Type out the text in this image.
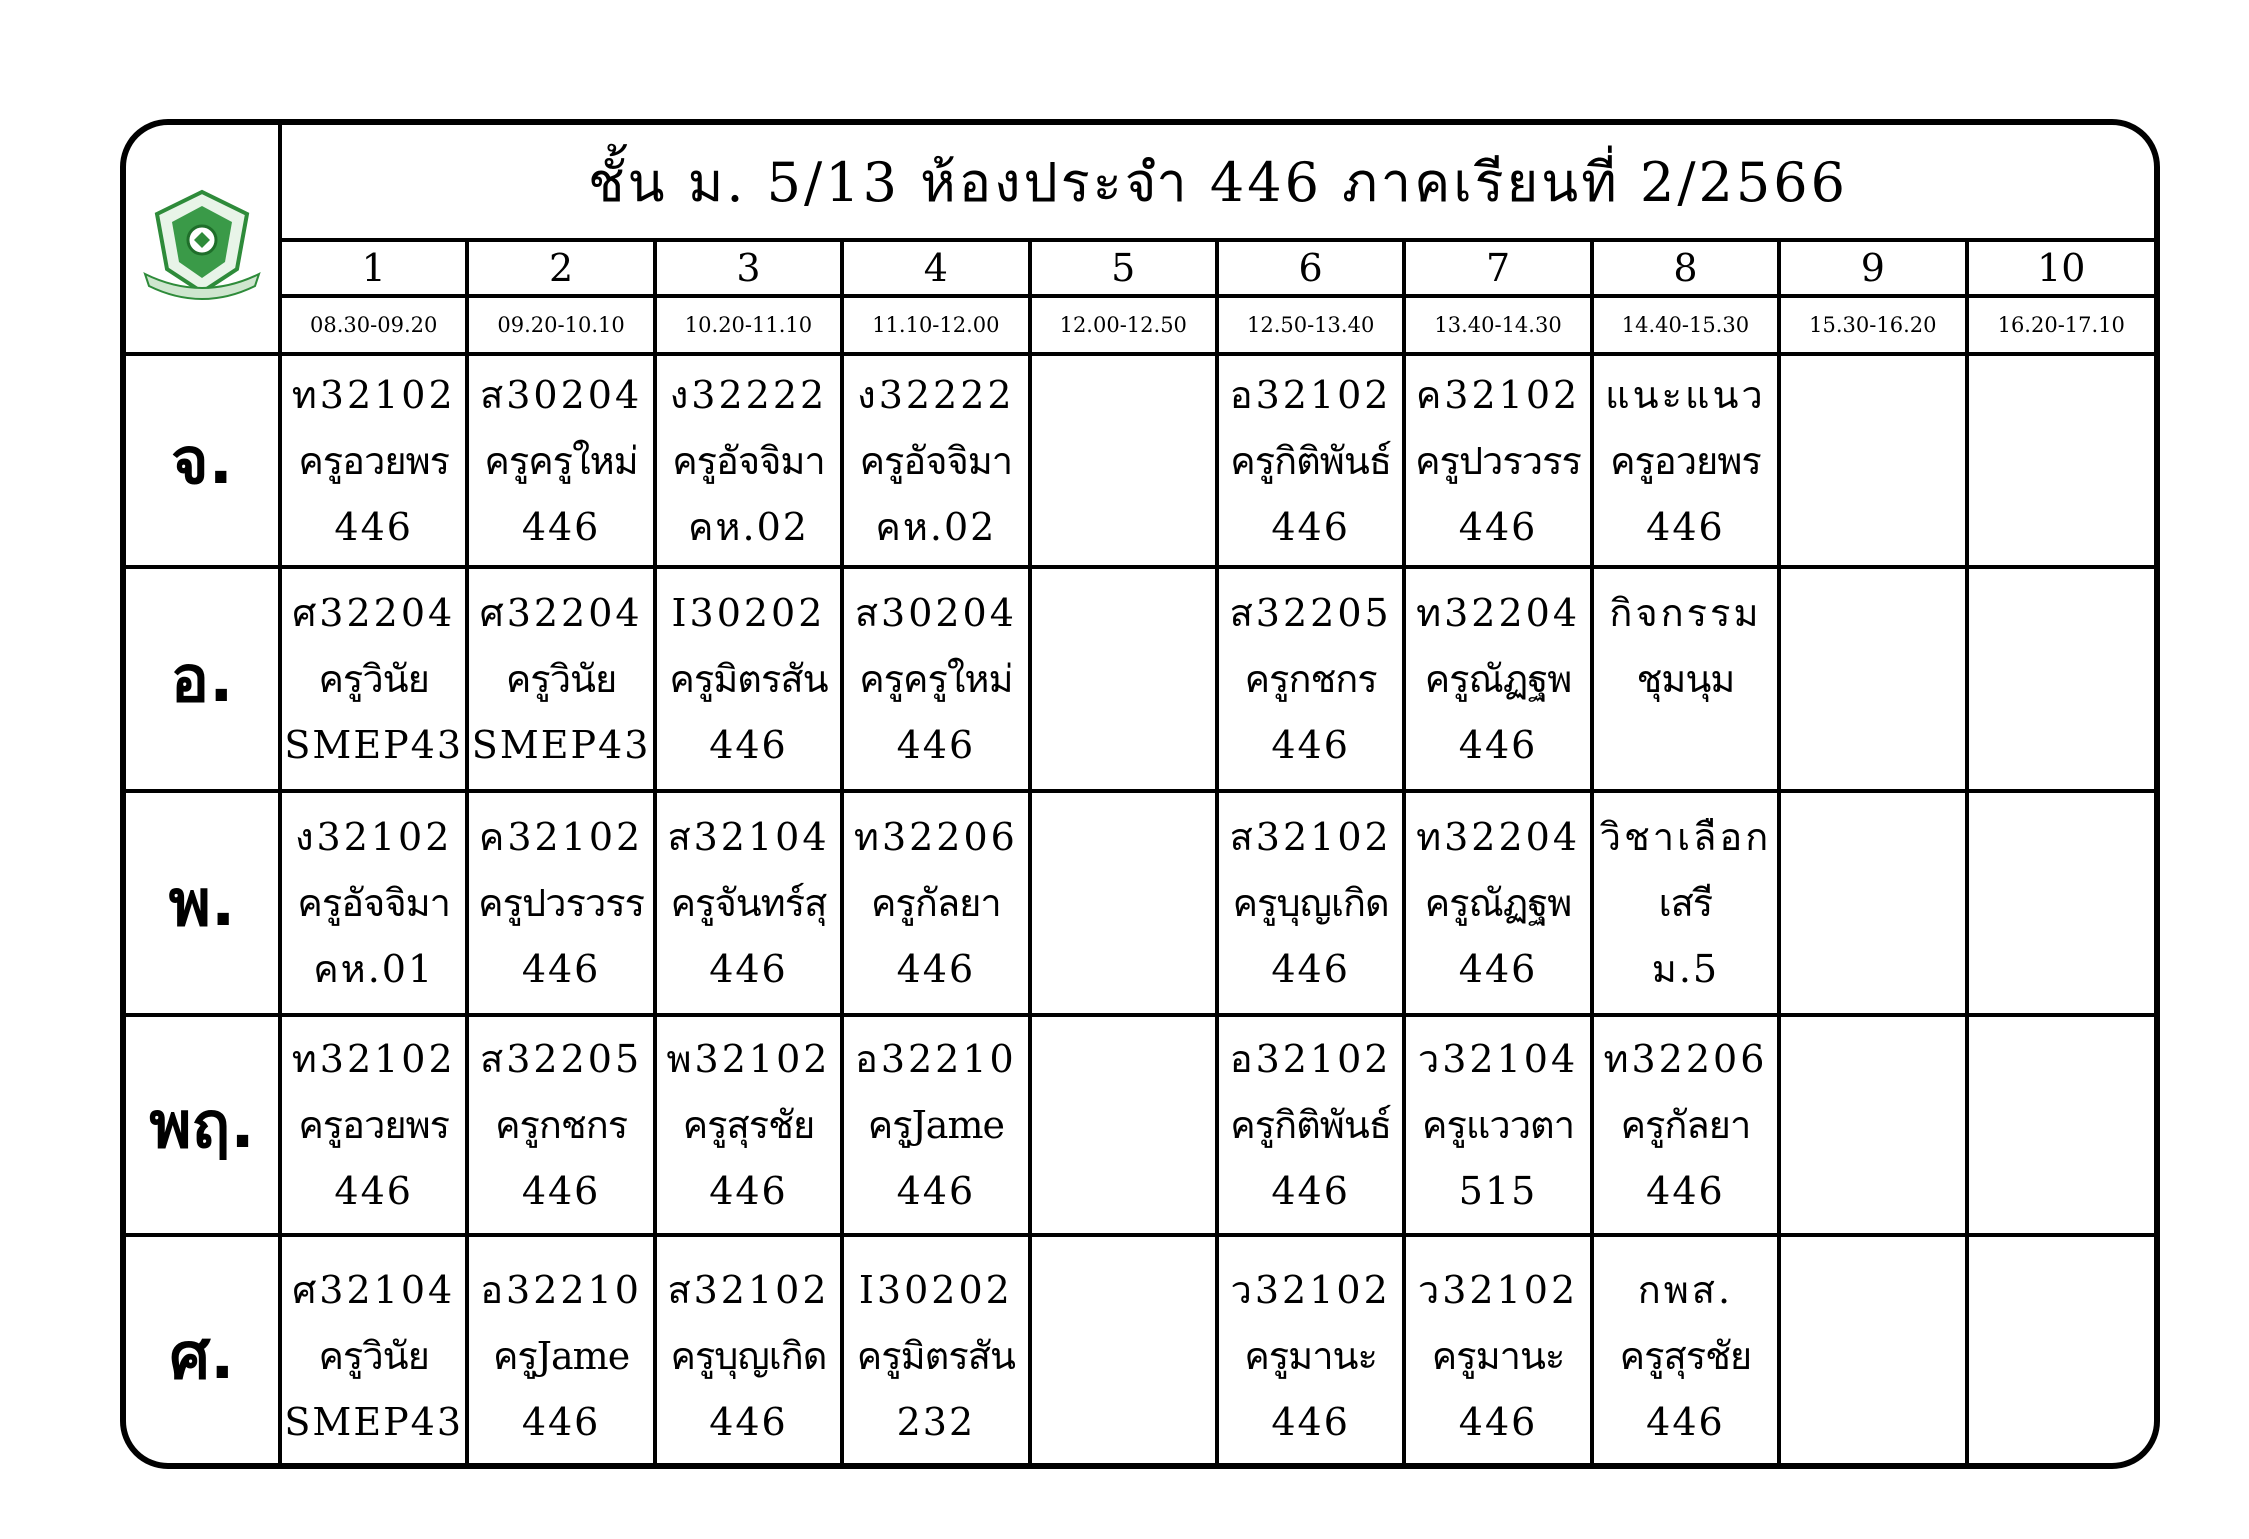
	ชั้น ม. 5/13 ห้องประจำ 446 ภาคเรียนที่ 2/2566									
	1	2	3	4	5	6	7	8	9	10
	08.30-09.20	09.20-10.10	10.20-11.10	11.10-12.00	12.00-12.50	12.50-13.40	13.40-14.30	14.40-15.30	15.30-16.20	16.20-17.10
จ.	ท32102
ครูอวยพร
446	ส30204
ครูครูใหม่
446	ง32222
ครูอัจจิมา
คห.02	ง32222
ครูอัจจิมา
คห.02		อ32102
ครูกิติพันธ์
446	ค32102
ครูปวรวรร
446	แนะแนว
ครูอวยพร
446		

อ.	ศ32204
ครูวินัย
SMEP43	ศ32204
ครูวินัย
SMEP43	I30202
ครูมิตรสัน
446	ส30204
ครูครูใหม่
446		ส32205
ครูกชกร
446	ท32204
ครูณัฏฐพ
446	กิจกรรม
ชุมนุม		

พ.	ง32102
ครูอัจจิมา
คห.01	ค32102
ครูปวรวรร
446	ส32104
ครูจันทร์สุ
446	ท32206
ครูกัลยา
446		ส32102
ครูบุญเกิด
446	ท32204
ครูณัฏฐพ
446	วิชาเลือก
เสรี
ม.5		

พฤ.	ท32102
ครูอวยพร
446	ส32205
ครูกชกร
446	พ32102
ครูสุรชัย
446	อ32210
ครูJame
446		อ32102
ครูกิติพันธ์
446	ว32104
ครูแววตา
515	ท32206
ครูกัลยา
446		

ศ.	ศ32104
ครูวินัย
SMEP43	อ32210
ครูJame
446	ส32102
ครูบุญเกิด
446	I30202
ครูมิตรสัน
232		ว32102
ครูมานะ
446	ว32102
ครูมานะ
446	กพส.
ครูสุรชัย
446		
